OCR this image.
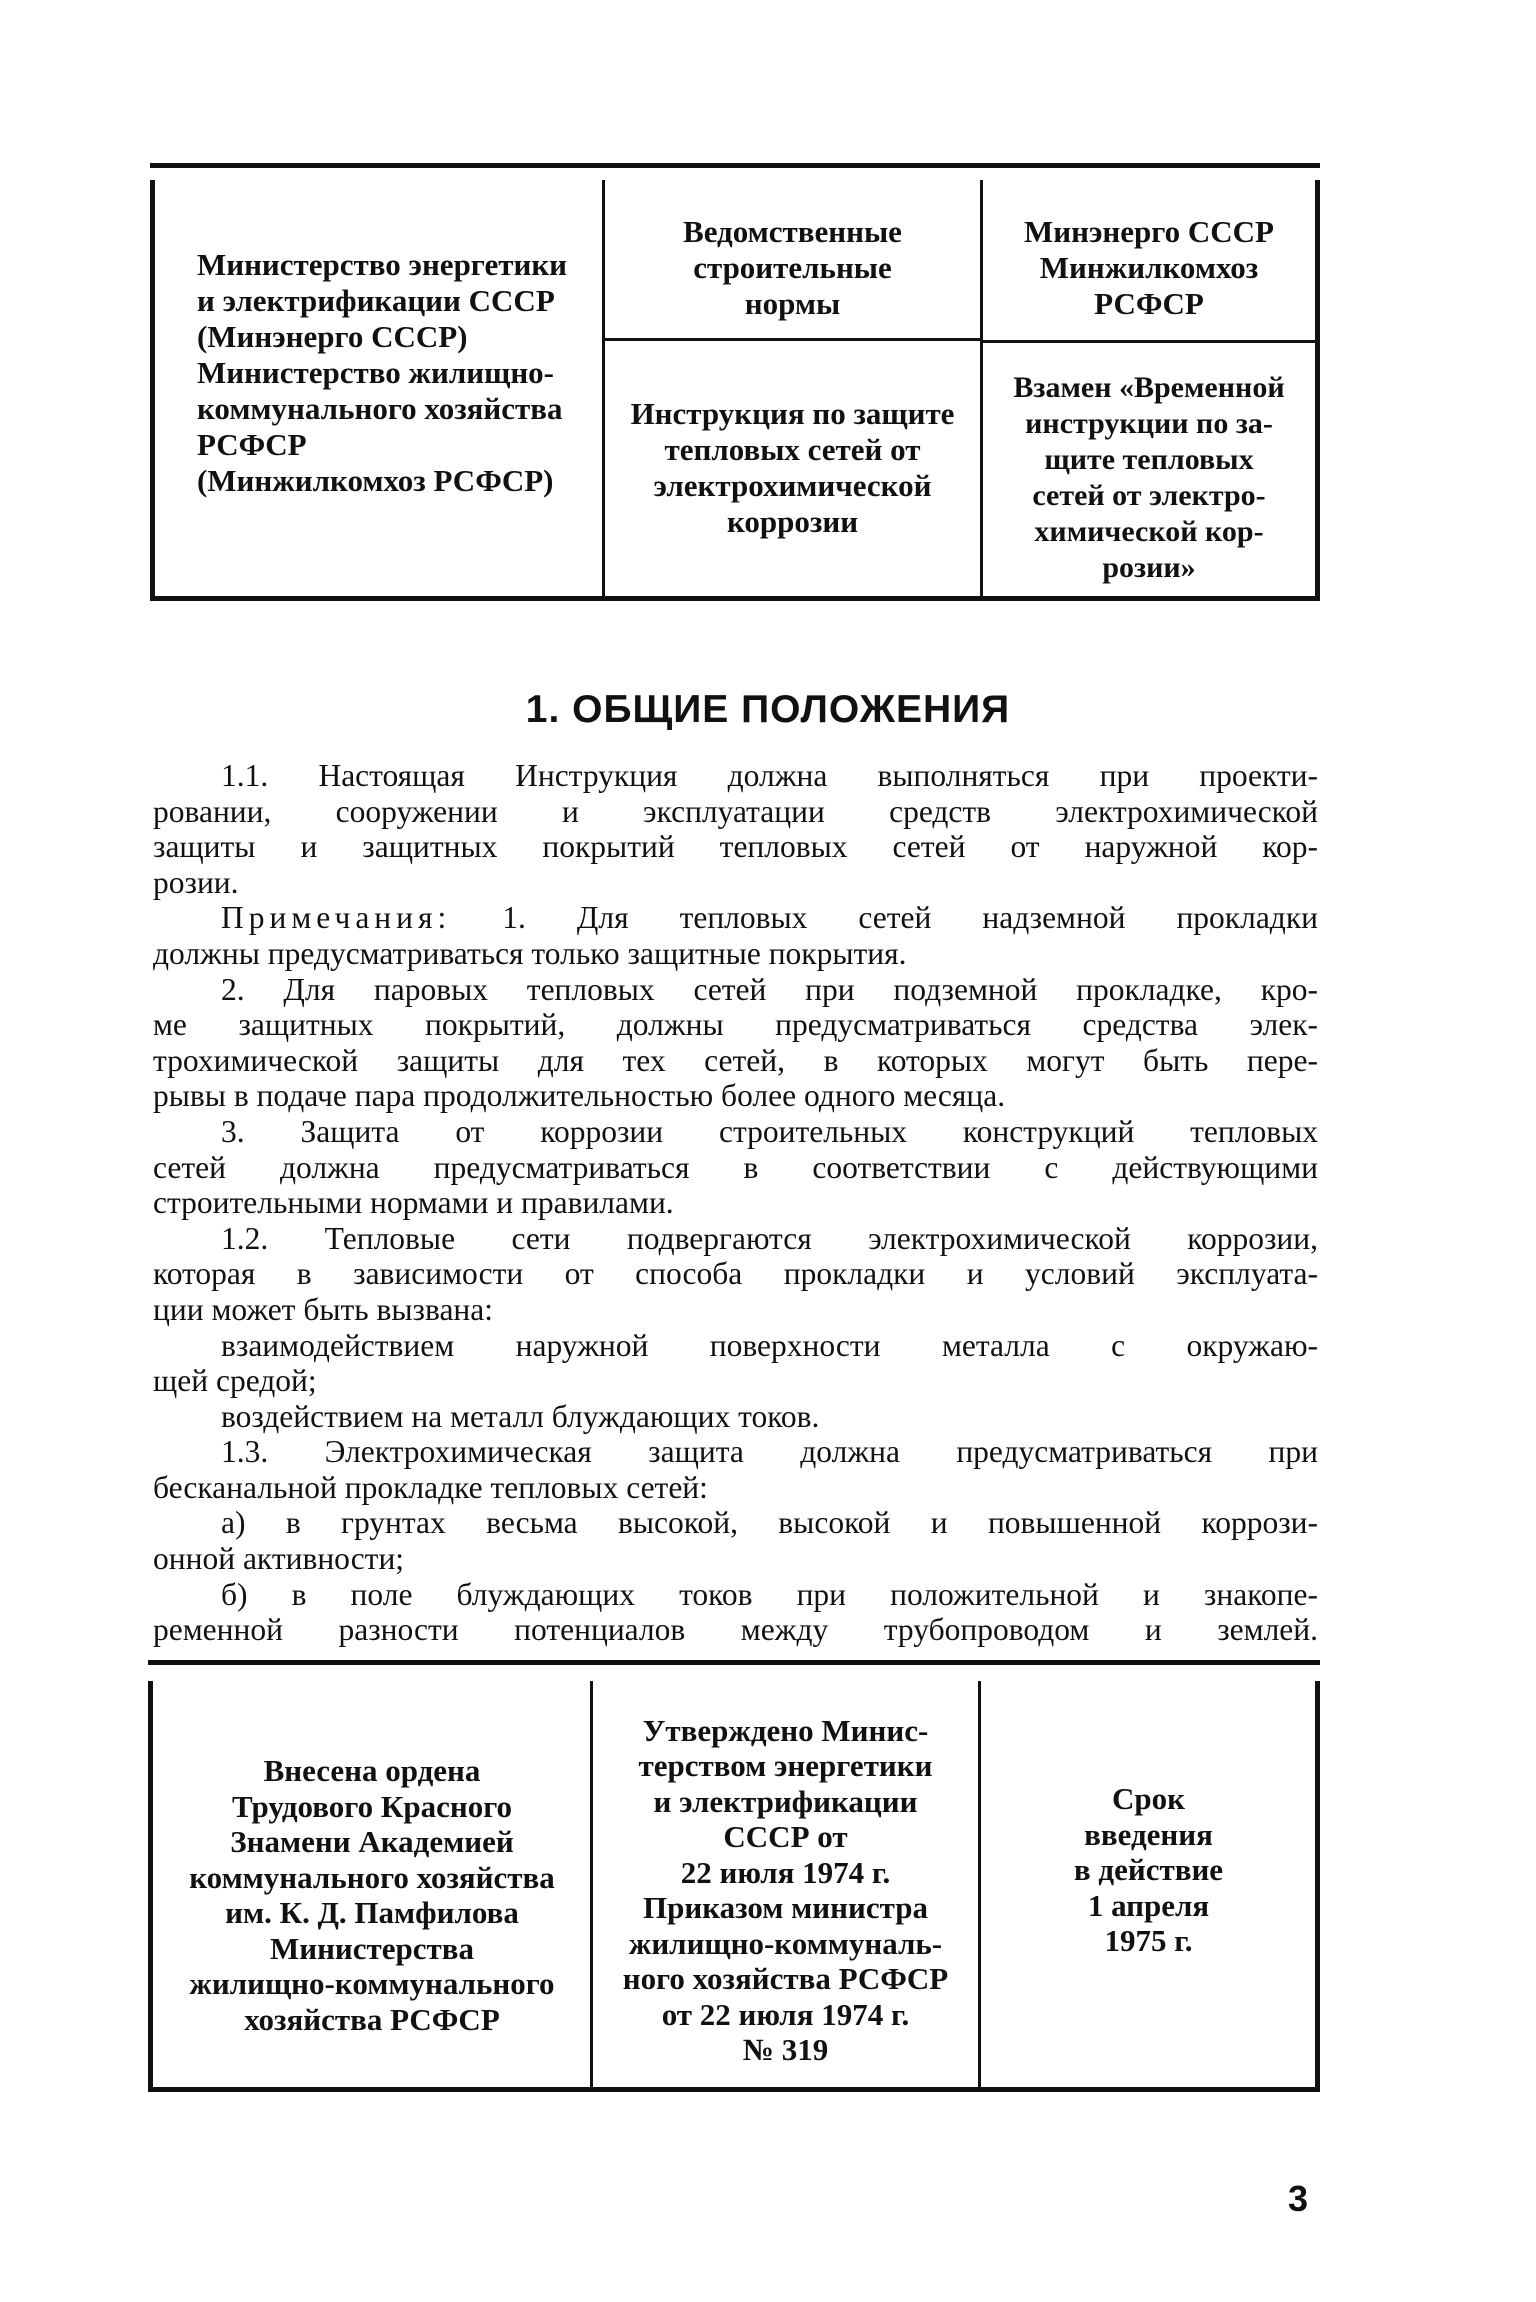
Министерство энергетики
и электрификации СССР
(Минэнерго СССР)
Министерство жилищно-
коммунального хозяйства
РСФСР
(Минжилкомхоз РСФСР)
Ведомственные
строительные
нормы
Минэнерго СССР
Минжилкомхоз
РСФСР
Инструкция по защите
тепловых сетей от
электрохимической
коррозии
Взамен «Временной
инструкции по за-
щите тепловых
сетей от электро-
химической кор-
розии»
1. ОБЩИЕ ПОЛОЖЕНИЯ

1.1. Настоящая Инструкция должна выполняться при проекти-

ровании, сооружении и эксплуатации средств электрохимической

защиты и защитных покрытий тепловых сетей от наружной кор-

розии.

Примечания: 1. Для тепловых сетей надземной прокладки

должны предусматриваться только защитные покрытия.

2. Для паровых тепловых сетей при подземной прокладке, кро-

ме защитных покрытий, должны предусматриваться средства элек-

трохимической защиты для тех сетей, в которых могут быть пере-

рывы в подаче пара продолжительностью более одного месяца.

3. Защита от коррозии строительных конструкций тепловых

сетей должна предусматриваться в соответствии с действующими

строительными нормами и правилами.

1.2. Тепловые сети подвергаются электрохимической коррозии,

которая в зависимости от способа прокладки и условий эксплуата-

ции может быть вызвана:

взаимодействием наружной поверхности металла с окружаю-

щей средой;

воздействием на металл блуждающих токов.

1.3. Электрохимическая защита должна предусматриваться при

бесканальной прокладке тепловых сетей:

а) в грунтах весьма высокой, высокой и повышенной коррози-

онной активности;

б) в поле блуждающих токов при положительной и знакопе-

ременной разности потенциалов между трубопроводом и землей.

Внесена ордена
Трудового Красного
Знамени Академией
коммунального хозяйства
им. К. Д. Памфилова
Министерства
жилищно-коммунального
хозяйства РСФСР
Утверждено Минис-
терством энергетики
и электрификации
СССР от
22 июля 1974 г.
Приказом министра
жилищно-коммуналь-
ного хозяйства РСФСР
от 22 июля 1974 г.
№ 319
Срок
введения
в действие
1 апреля
1975 г.
3
